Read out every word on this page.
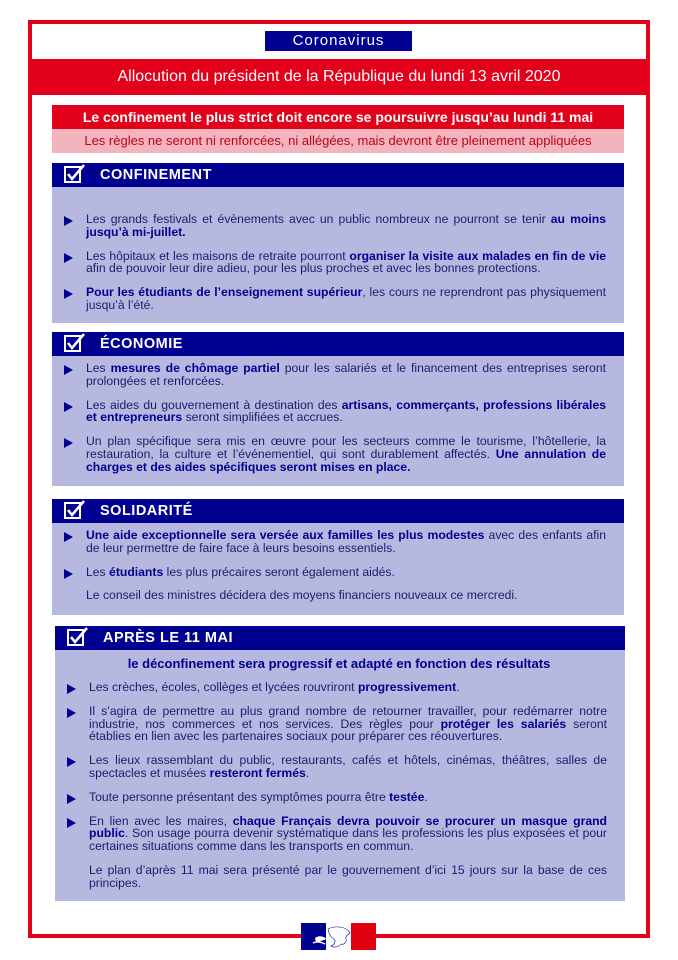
Coronavirus
Allocution du président de la République du lundi 13 avril 2020
Le confinement le plus strict doit encore se poursuivre jusqu’au lundi 11 mai
Les règles ne seront ni renforcées, ni allégées, mais devront être pleinement appliquées
CONFINEMENT
Les grands festivals et évènements avec un public nombreux ne pourront se tenir au moins jusqu’à mi-juillet.
Les hôpitaux et les maisons de retraite pourront organiser la visite aux malades en fin de vie afin de pouvoir leur dire adieu, pour les plus proches et avec les bonnes protections.
Pour les étudiants de l’enseignement supérieur, les cours ne reprendront pas physiquement jusqu’à l’été.
ÉCONOMIE
Les mesures de chômage partiel pour les salariés et le financement des entreprises seront prolongées et renforcées.
Les aides du gouvernement à destination des artisans, commerçants, professions libérales et entrepreneurs seront simplifiées et accrues.
Un plan spécifique sera mis en œuvre pour les secteurs comme le tourisme, l’hôtellerie, la restauration, la culture et l’événementiel, qui sont durablement affectés. Une annulation de charges et des aides spécifiques seront mises en place.
SOLIDARITÉ
Une aide exceptionnelle sera versée aux familles les plus modestes avec des enfants afin de leur permettre de faire face à leurs besoins essentiels.
Les étudiants les plus précaires seront également aidés.
Le conseil des ministres décidera des moyens financiers nouveaux ce mercredi.
APRÈS LE 11 MAI
le déconfinement sera progressif et adapté en fonction des résultats
Les crèches, écoles, collèges et lycées rouvriront progressivement.
Il s’agira de permettre au plus grand nombre de retourner travailler, pour redémarrer notre industrie, nos commerces et nos services. Des règles pour protéger les salariés seront établies en lien avec les partenaires sociaux pour préparer ces réouvertures.
Les lieux rassemblant du public, restaurants, cafés et hôtels, cinémas, théâtres, salles de spectacles et musées resteront fermés.
Toute personne présentant des symptômes pourra être testée.
En lien avec les maires, chaque Français devra pouvoir se procurer un masque grand public. Son usage pourra devenir systématique dans les professions les plus exposées et pour certaines situations comme dans les transports en commun.
Le plan d’après 11 mai sera présenté par le gouvernement d’ici 15 jours sur la base de ces principes.
